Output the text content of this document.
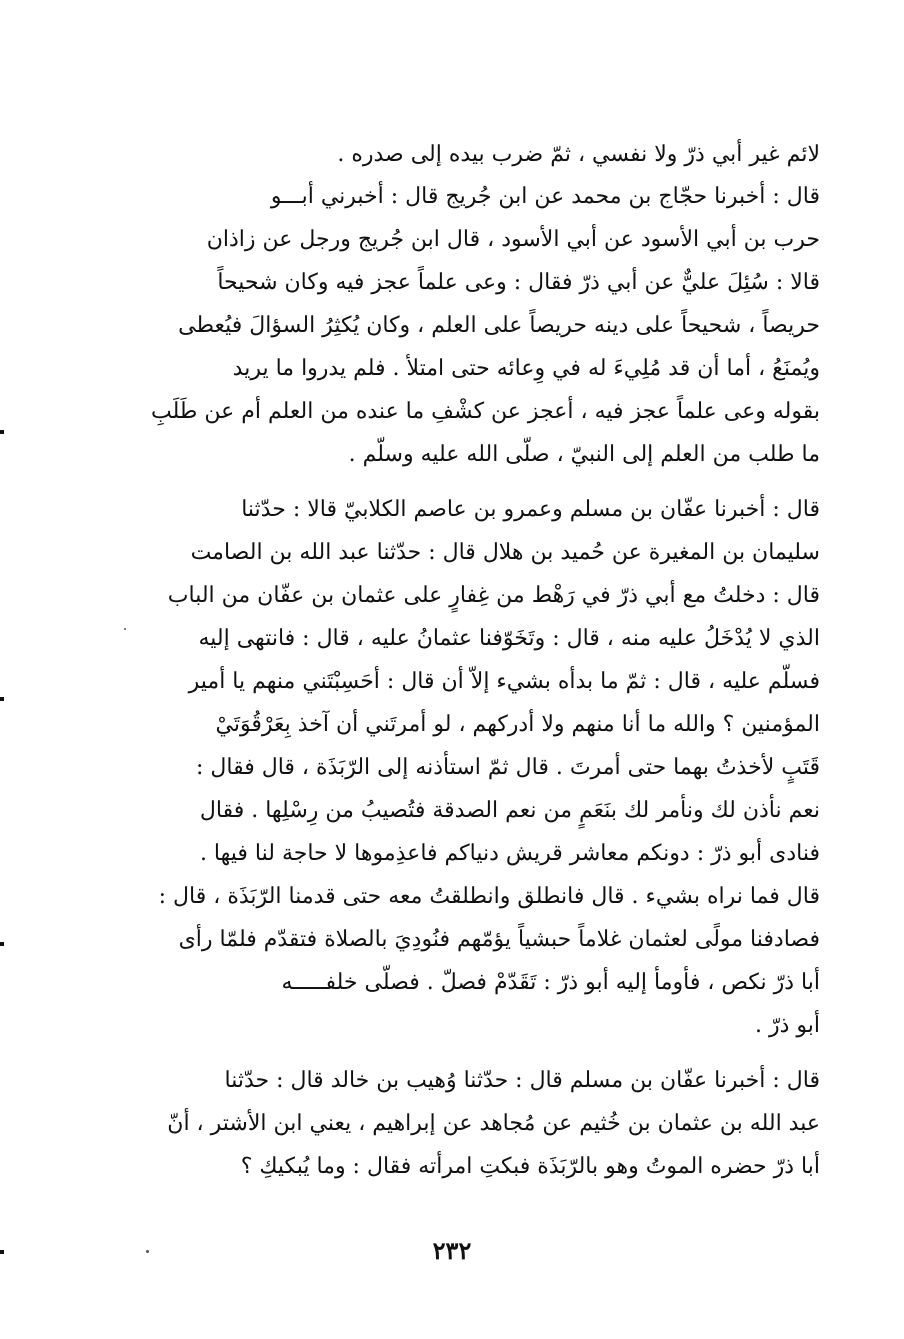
لائم غير أبي ذرّ ولا نفسي ، ثمّ ضرب بيده إلى صدره .
قال : أخبرنا حجّاج بن محمد عن ابن جُريج قال : أخبرني أبـــو
حرب بن أبي الأسود عن أبي الأسود ، قال ابن جُريج ورجل عن زاذان
قالا : سُئِلَ عليٌّ عن أبي ذرّ فقال : وعى علماً عجز فيه وكان شحيحاً
حريصاً ، شحيحاً على دينه حريصاً على العلم ، وكان يُكثِرُ السؤالَ فيُعطى
ويُمنَعُ ، أما أن قد مُلِيءَ له في وِعائه حتى امتلأ . فلم يدروا ما يريد
بقوله وعى علماً عجز فيه ، أعجز عن كشْفِ ما عنده من العلم أم عن طَلَبِ
ما طلب من العلم إلى النبيّ ، صلّى الله عليه وسلّم .
قال : أخبرنا عفّان بن مسلم وعمرو بن عاصم الكلابيّ قالا : حدّثنا
سليمان بن المغيرة عن حُميد بن هلال قال : حدّثنا عبد الله بن الصامت
قال : دخلتُ مع أبي ذرّ في رَهْط من غِفارٍ على عثمان بن عفّان من الباب
الذي لا يُدْخَلُ عليه منه ، قال : وتَخَوّفنا عثمانُ عليه ، قال : فانتهى إليه
فسلّم عليه ، قال : ثمّ ما بدأه بشيء إلاّ أن قال : أحَسِبْتَني منهم يا أمير
المؤمنين ؟ والله ما أنا منهم ولا أدركهم ، لو أمرتَني أن آخذ بِعَرْقُوَتَيْ
قَتَبٍ لأخذتُ بهما حتى أمرتَ . قال ثمّ استأذنه إلى الرّبَذَة ، قال فقال :
نعم نأذن لك ونأمر لك بنَعَمٍ من نعم الصدقة فتُصيبُ من رِسْلِها . فقال
فنادى أبو ذرّ : دونكم معاشر قريش دنياكم فاعذِموها لا حاجة لنا فيها .
قال فما نراه بشيء . قال فانطلق وانطلقتُ معه حتى قدمنا الرّبَذَة ، قال :
فصادفنا مولًى لعثمان غلاماً حبشياً يؤمّهم فنُودِيَ بالصلاة فتقدّم فلمّا رأى
أبا ذرّ نكص ، فأومأ إليه أبو ذرّ : تَقَدّمْ فصلّ . فصلّى خلفـــــه
أبو ذرّ .
قال : أخبرنا عفّان بن مسلم قال : حدّثنا وُهيب بن خالد قال : حدّثنا
عبد الله بن عثمان بن خُثيم عن مُجاهد عن إبراهيم ، يعني ابن الأشتر ، أنّ
أبا ذرّ حضره الموتُ وهو بالرّبَذَة فبكتِ امرأته فقال : وما يُبكيكِ ؟
٢٣٢
